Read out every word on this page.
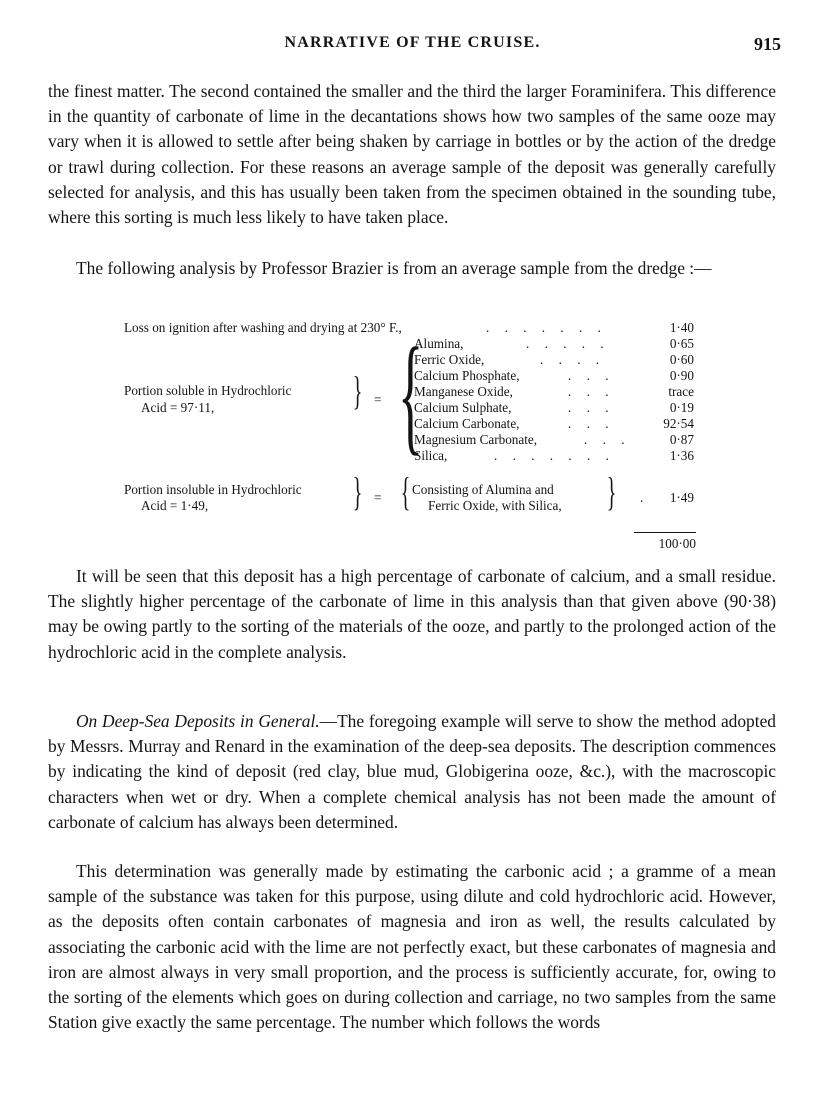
NARRATIVE OF THE CRUISE.	915

the finest matter. The second contained the smaller and the third the larger Foraminifera. This difference in the quantity of carbonate of lime in the decantations shows how two samples of the same ooze may vary when it is allowed to settle after being shaken by carriage in bottles or by the action of the dredge or trawl during collection. For these reasons an average sample of the deposit was generally carefully selected for analysis, and this has usually been taken from the specimen obtained in the sounding tube, where this sorting is much less likely to have taken place.

The following analysis by Professor Brazier is from an average sample from the dredge :—

Loss on ignition after washing and drying at 230° F.,	. . . . . . .	1·40
{
Portion soluble in Hydrochloric
Acid = 97·11,	} =
Alumina,	. . . . .	0·65
Ferric Oxide,	. . . .	0·60
Calcium Phosphate,	. . .	0·90
Manganese Oxide,	. . .	trace
Calcium Sulphate,	. . .	0·19
Calcium Carbonate,	. . .	92·54
Magnesium Carbonate,	. . .	0·87
Silica,	. . . . . . .	1·36
Portion insoluble in Hydrochloric
Acid = 1·49,	} = { Consisting of Alumina and
Ferric Oxide, with Silica, } .	1·49
100·00

It will be seen that this deposit has a high percentage of carbonate of calcium, and a small residue. The slightly higher percentage of the carbonate of lime in this analysis than that given above (90·38) may be owing partly to the sorting of the materials of the ooze, and partly to the prolonged action of the hydrochloric acid in the complete analysis.

On Deep-Sea Deposits in General.—The foregoing example will serve to show the method adopted by Messrs. Murray and Renard in the examination of the deep-sea deposits. The description commences by indicating the kind of deposit (red clay, blue mud, Globigerina ooze, &c.), with the macroscopic characters when wet or dry. When a complete chemical analysis has not been made the amount of carbonate of calcium has always been determined.

This determination was generally made by estimating the carbonic acid ; a gramme of a mean sample of the substance was taken for this purpose, using dilute and cold hydrochloric acid. However, as the deposits often contain carbonates of magnesia and iron as well, the results calculated by associating the carbonic acid with the lime are not perfectly exact, but these carbonates of magnesia and iron are almost always in very small proportion, and the process is sufficiently accurate, for, owing to the sorting of the elements which goes on during collection and carriage, no two samples from the same Station give exactly the same percentage. The number which follows the words
